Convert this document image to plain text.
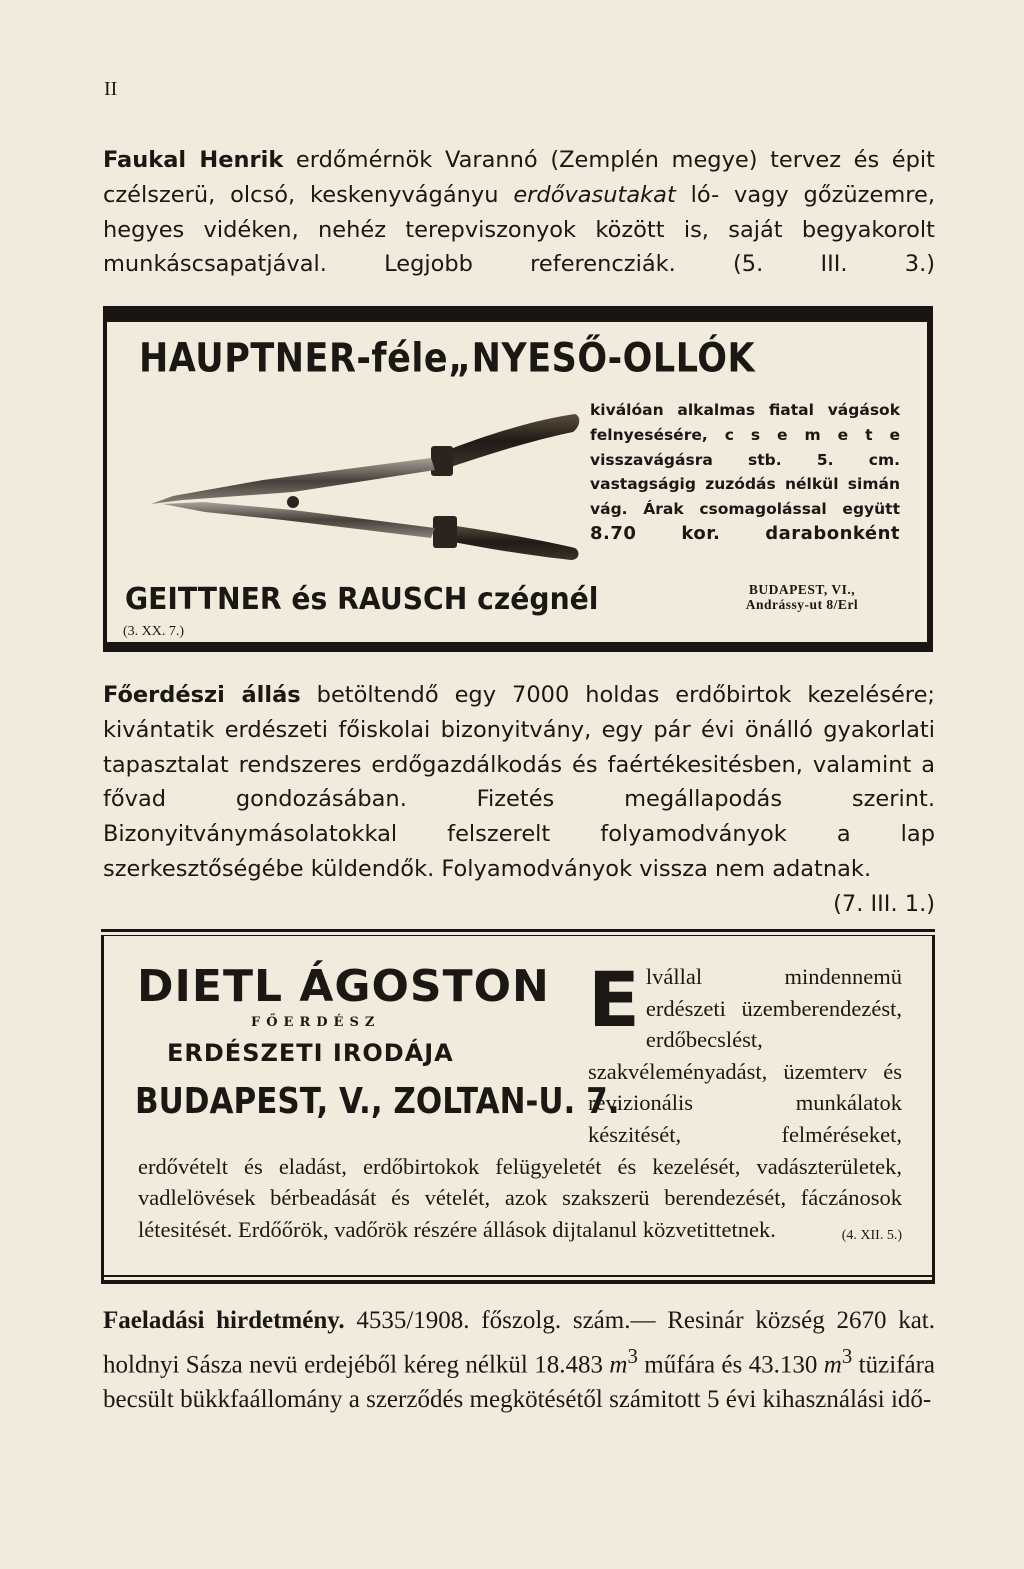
II
Faukal Henrik erdőmérnök Varannó (Zemplén megye) tervez és épit czélszerü, olcsó, keskenyvágányu erdővasutakat ló- vagy gőzüzemre, hegyes vidéken, nehéz terepviszonyok között is, saját begyakorolt munkáscsapatjával. Legjobb referencziák. (5. III. 3.)
HAUPTNER-féle„NYESŐ-OLLÓK
kiválóan alkalmas fiatal vágások felnyesésére, c s e m e t e visszavágásra stb. 5. cm. vastagságig zuzódás nélkül simán vág. Árak csomagolással együtt 8.70 kor. darabonként
GEITTNER és RAUSCH czégnél	BUDAPEST, VI.,
Andrássy-ut 8/Erl
(3. XX. 7.)
Főerdészi állás betöltendő egy 7000 holdas erdőbirtok kezelésére; kivántatik erdészeti főiskolai bizonyitvány, egy pár évi önálló gyakorlati tapasztalat rendszeres erdőgazdálkodás és faértékesitésben, valamint a fővad gondozásában. Fizetés megállapodás szerint. Bizonyitványmásolatokkal felszerelt folyamodványok a lap szerkesztőségébe küldendők. Folyamodványok vissza nem adatnak.
(7. III. 1.)
DIETL ÁGOSTON
FŐERDÉSZ
ERDÉSZETI IRODÁJA
BUDAPEST, V., ZOLTAN-U. 7.
Elvállal mindennemü erdészeti üzemberendezést, erdőbecslést, szakvéleményadást, üzemterv és revizionális munkálatok készitését, felméréseket, erdővételt és eladást, erdőbirtokok felügyeletét és kezelését, vadászterületek, vadlelövések bérbeadását és vételét, azok szakszerü berendezését, fáczánosok létesitését. Erdőőrök, vadőrök részére állások dijtalanul közvetittetnek.	(4. XII. 5.)
Faeladási hirdetmény. 4535/1908. főszolg. szám.— Resinár község 2670 kat. holdnyi Sásza nevü erdejéből kéreg nélkül 18.483 $m^3$ műfára és 43.130 $m^3$ tüzifára becsült bükkfaállomány a szerződés megkötésétől számitott 5 évi kihasználási idő-
